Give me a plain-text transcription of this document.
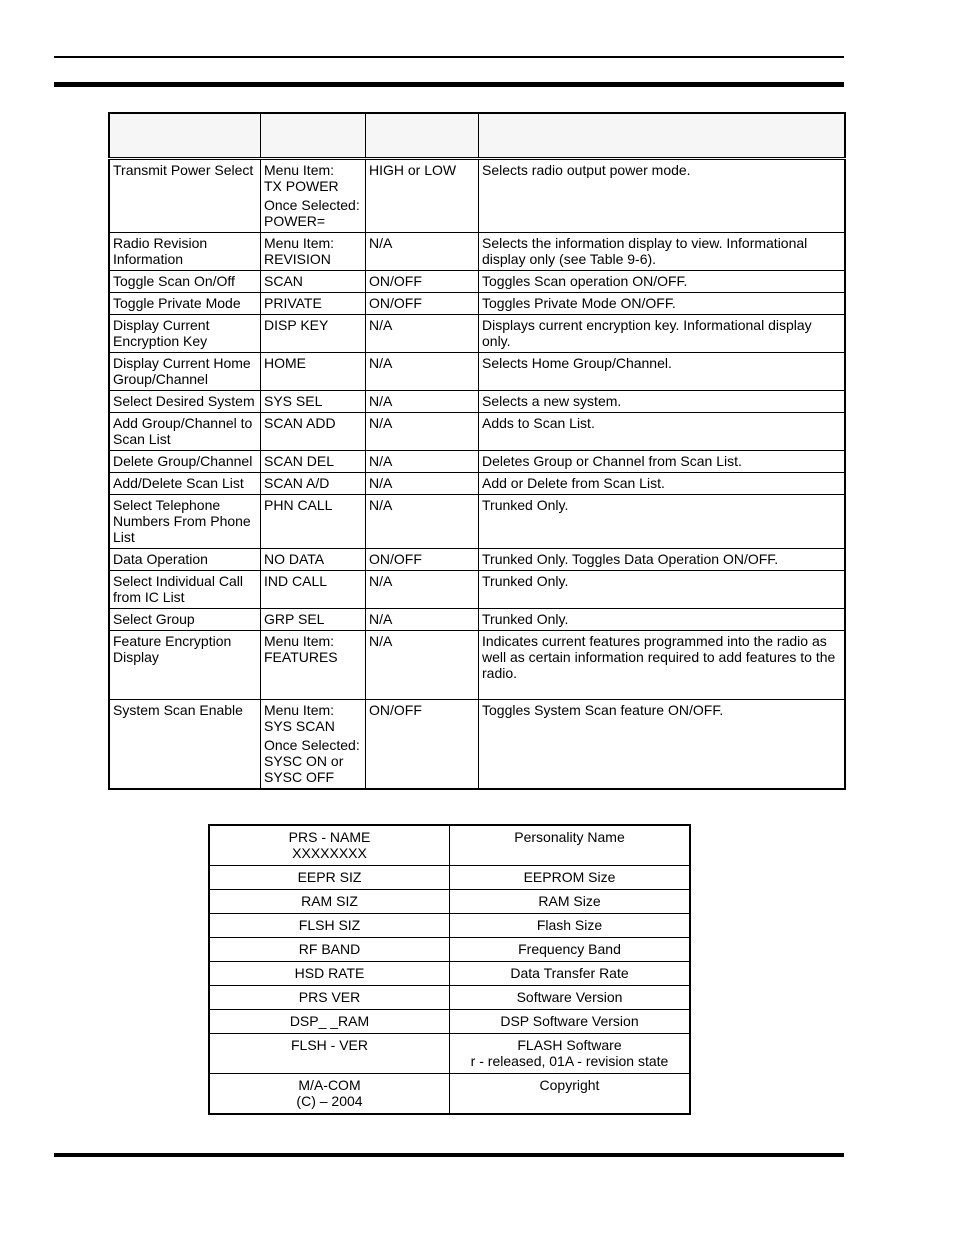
Transmit Power Select	Menu Item:
TX POWER
Once Selected:
POWER=	HIGH or LOW	Selects radio output power mode.
Radio Revision Information	Menu Item:
REVISION	N/A	Selects the information display to view. Informational display only (see Table 9-6).
Toggle Scan On/Off	SCAN	ON/OFF	Toggles Scan operation ON/OFF.
Toggle Private Mode	PRIVATE	ON/OFF	Toggles Private Mode ON/OFF.
Display Current Encryption Key	DISP KEY	N/A	Displays current encryption key. Informational display only.
Display Current Home Group/Channel	HOME	N/A	Selects Home Group/Channel.
Select Desired System	SYS SEL	N/A	Selects a new system.
Add Group/Channel to Scan List	SCAN ADD	N/A	Adds to Scan List.
Delete Group/Channel	SCAN DEL	N/A	Deletes Group or Channel from Scan List.
Add/Delete Scan List	SCAN A/D	N/A	Add or Delete from Scan List.
Select Telephone Numbers From Phone List	PHN CALL	N/A	Trunked Only.
Data Operation	NO DATA	ON/OFF	Trunked Only. Toggles Data Operation ON/OFF.
Select Individual Call from IC List	IND CALL	N/A	Trunked Only.
Select Group	GRP SEL	N/A	Trunked Only.
Feature Encryption Display	Menu Item:
FEATURES	N/A	Indicates current features programmed into the radio as well as certain information required to add features to the radio.
System Scan Enable	Menu Item:
SYS SCAN
Once Selected:
SYSC ON or
SYSC OFF	ON/OFF	Toggles System Scan feature ON/OFF.
PRS - NAME
XXXXXXXX	Personality Name

EEPR SIZ	EEPROM Size

RAM SIZ	RAM Size

FLSH SIZ	Flash Size

RF BAND	Frequency Band

HSD RATE	Data Transfer Rate

PRS VER	Software Version

DSP_ _RAM	DSP Software Version

FLSH - VER	FLASH Software
r - released, 01A - revision state

M/A-COM
(C) – 2004	Copyright
